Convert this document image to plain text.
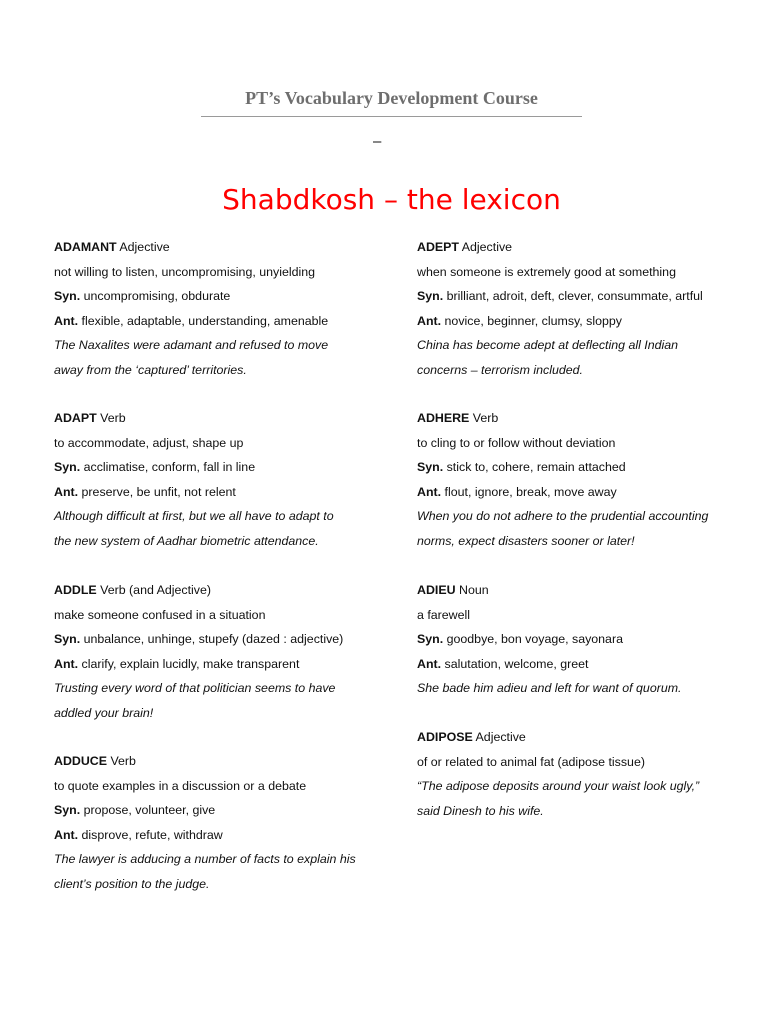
PT’s Vocabulary Development Course
–
Shabdkosh – the lexicon
ADAMANT Adjective
not willing to listen, uncompromising, unyielding
Syn. uncompromising, obdurate
Ant. flexible, adaptable, understanding, amenable
The Naxalites were adamant and refused to move
away from the ‘captured’ territories.
ADAPT Verb
to accommodate, adjust, shape up
Syn. acclimatise, conform, fall in line
Ant. preserve, be unfit, not relent
Although difficult at first, but we all have to adapt to
the new system of Aadhar biometric attendance.
ADDLE Verb (and Adjective)
make someone confused in a situation
Syn. unbalance, unhinge, stupefy (dazed : adjective)
Ant. clarify, explain lucidly, make transparent
Trusting every word of that politician seems to have
addled your brain!
ADDUCE Verb
to quote examples in a discussion or a debate
Syn. propose, volunteer, give
Ant. disprove, refute, withdraw
The lawyer is adducing a number of facts to explain his
client’s position to the judge.
ADEPT Adjective
when someone is extremely good at something
Syn. brilliant, adroit, deft, clever, consummate, artful
Ant. novice, beginner, clumsy, sloppy
China has become adept at deflecting all Indian
concerns – terrorism included.
ADHERE Verb
to cling to or follow without deviation
Syn. stick to, cohere, remain attached
Ant. flout, ignore, break, move away
When you do not adhere to the prudential accounting
norms, expect disasters sooner or later!
ADIEU Noun
a farewell
Syn. goodbye, bon voyage, sayonara
Ant. salutation, welcome, greet
She bade him adieu and left for want of quorum.
ADIPOSE Adjective
of or related to animal fat (adipose tissue)
“The adipose deposits around your waist look ugly,”
said Dinesh to his wife.
